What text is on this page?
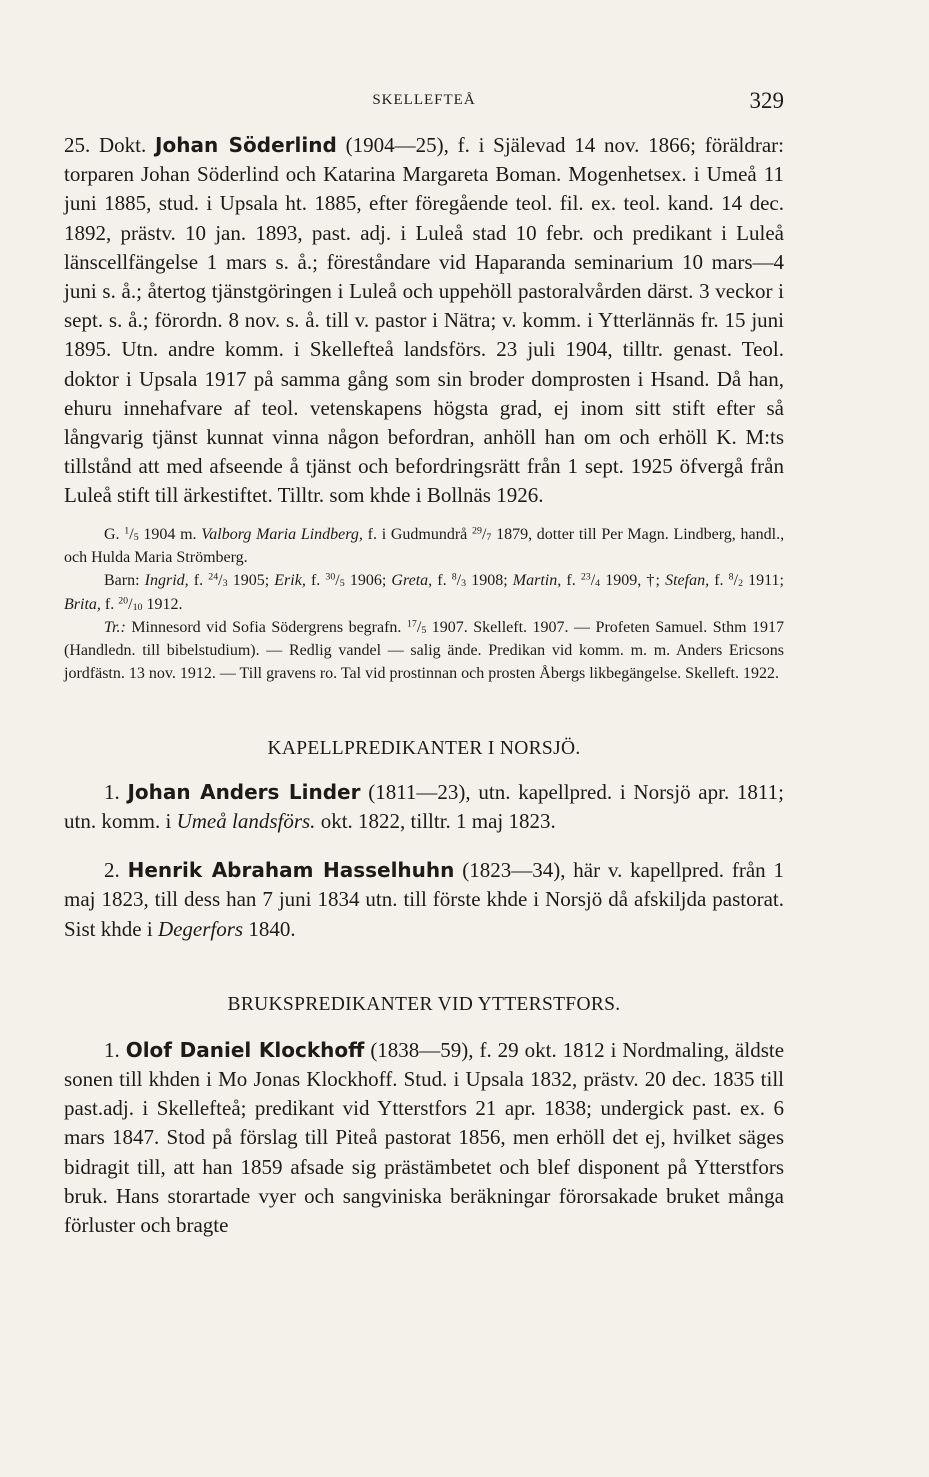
SKELLEFTEÅ	329

25. Dokt. Johan Söderlind (1904—25), f. i Själevad 14 nov. 1866; föräldrar: torparen Johan Söderlind och Katarina Margareta Boman. Mogenhetsex. i Umeå 11 juni 1885, stud. i Upsala ht. 1885, efter föregående teol. fil. ex. teol. kand. 14 dec. 1892, prästv. 10 jan. 1893, past. adj. i Luleå stad 10 febr. och predikant i Luleå länscellfängelse 1 mars s. å.; föreståndare vid Haparanda seminarium 10 mars—4 juni s. å.; återtog tjänstgöringen i Luleå och uppehöll pastoralvården därst. 3 veckor i sept. s. å.; förordn. 8 nov. s. å. till v. pastor i Nätra; v. komm. i Ytterlännäs fr. 15 juni 1895. Utn. andre komm. i Skellefteå landsförs. 23 juli 1904, tilltr. genast. Teol. doktor i Upsala 1917 på samma gång som sin broder domprosten i Hsand. Då han, ehuru innehafvare af teol. vetenskapens högsta grad, ej inom sitt stift efter så långvarig tjänst kunnat vinna någon befordran, anhöll han om och erhöll K. M:ts tillstånd att med afseende å tjänst och befordringsrätt från 1 sept. 1925 öfvergå från Luleå stift till ärkestiftet. Tilltr. som khde i Bollnäs 1926.

G. $^1/_5$ 1904 m. Valborg Maria Lindberg, f. i Gudmundrå $^{29}/_7$ 1879, dotter till Per Magn. Lindberg, handl., och Hulda Maria Strömberg.

Barn: Ingrid, f. $^{24}/_3$ 1905; Erik, f. $^{30}/_5$ 1906; Greta, f. $^8/_3$ 1908; Martin, f. $^{23}/_4$ 1909, †; Stefan, f. $^8/_2$ 1911; Brita, f. $^{20}/_{10}$ 1912.

Tr.: Minnesord vid Sofia Södergrens begrafn. $^{17}/_5$ 1907. Skelleft. 1907. — Profeten Samuel. Sthm 1917 (Handledn. till bibelstudium). — Redlig vandel — salig ände. Predikan vid komm. m. m. Anders Ericsons jordfästn. 13 nov. 1912. — Till gravens ro. Tal vid prostinnan och prosten Åbergs likbegängelse. Skelleft. 1922.

KAPELLPREDIKANTER I NORSJÖ.

1. Johan Anders Linder (1811—23), utn. kapellpred. i Norsjö apr. 1811; utn. komm. i Umeå landsförs. okt. 1822, tilltr. 1 maj 1823.

2. Henrik Abraham Hasselhuhn (1823—34), här v. kapellpred. från 1 maj 1823, till dess han 7 juni 1834 utn. till förste khde i Norsjö då afskiljda pastorat. Sist khde i Degerfors 1840.

BRUKSPREDIKANTER VID YTTERSTFORS.

1. Olof Daniel Klockhoff (1838—59), f. 29 okt. 1812 i Nordmaling, äldste sonen till khden i Mo Jonas Klockhoff. Stud. i Upsala 1832, prästv. 20 dec. 1835 till past.adj. i Skellefteå; predikant vid Ytterstfors 21 apr. 1838; undergick past. ex. 6 mars 1847. Stod på förslag till Piteå pastorat 1856, men erhöll det ej, hvilket säges bidragit till, att han 1859 afsade sig prästämbetet och blef disponent på Ytterstfors bruk. Hans storartade vyer och sangviniska beräkningar förorsakade bruket många förluster och bragte
